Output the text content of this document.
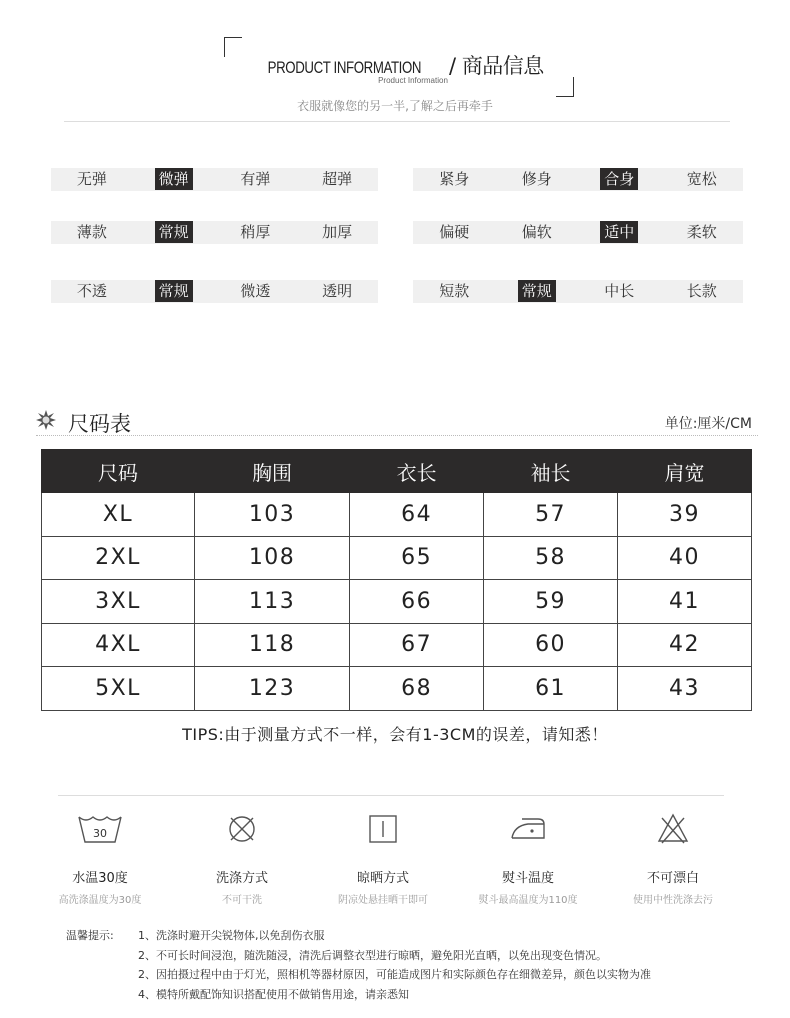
PRODUCT INFORMATION / 商品信息
Product Information
衣服就像您的另一半,了解之后再牵手
无弹	微弹	有弹	超弹	紧身	修身	合身	宽松
薄款	常规	稍厚	加厚	偏硬	偏软	适中	柔软
不透	常规	微透	透明	短款	常规	中长	长款
尺码表	单位:厘米/CM
尺码	胸围	衣长	袖长	肩宽
XL	103	64	57	39
2XL	108	65	58	40
3XL	113	66	59	41
4XL	118	67	60	42
5XL	123	68	61	43
TIPS:由于测量方式不一样，会有1-3CM的误差，请知悉！
30
水温30度
高洗涤温度为30度
洗涤方式
不可干洗
晾晒方式
阴凉处悬挂晒干即可
熨斗温度
熨斗最高温度为110度
不可漂白
使用中性洗涤去污
温馨提示:	1、洗涤时避开尖锐物体,以免刮伤衣服
2、不可长时间浸泡，随洗随浸，清洗后调整衣型进行晾晒，避免阳光直晒，以免出现变色情况。
2、因拍摄过程中由于灯光，照相机等器材原因，可能造成图片和实际颜色存在细微差异，颜色以实物为准
4、模特所戴配饰知识搭配使用不做销售用途，请亲悉知
